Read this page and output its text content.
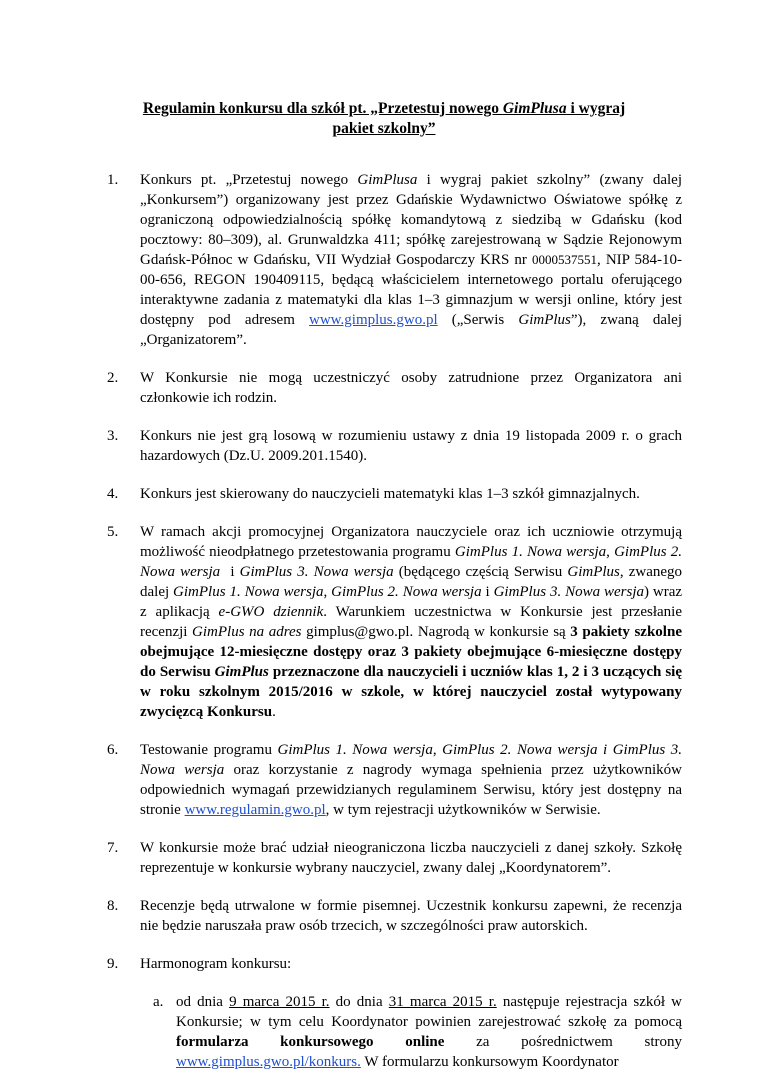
Regulamin konkursu dla szkół pt. „Przetestuj nowego GimPlusa i wygraj
pakiet szkolny”
1. Konkurs pt. „Przetestuj nowego GimPlusa i wygraj pakiet szkolny” (zwany dalej „Konkursem”) organizowany jest przez Gdańskie Wydawnictwo Oświatowe spółkę z ograniczoną odpowiedzialnością spółkę komandytową z siedzibą w Gdańsku (kod pocztowy: 80–309), al. Grunwaldzka 411; spółkę zarejestrowaną w Sądzie Rejonowym Gdańsk-Północ w Gdańsku, VII Wydział Gospodarczy KRS nr 0000537551, NIP 584-10-00-656, REGON 190409115, będącą właścicielem internetowego portalu oferującego interaktywne zadania z matematyki dla klas 1–3 gimnazjum w wersji online, który jest dostępny pod adresem www.gimplus.gwo.pl („Serwis GimPlus”), zwaną dalej „Organizatorem”.
2. W Konkursie nie mogą uczestniczyć osoby zatrudnione przez Organizatora ani członkowie ich rodzin.
3. Konkurs nie jest grą losową w rozumieniu ustawy z dnia 19 listopada 2009 r. o grach hazardowych (Dz.U. 2009.201.1540).
4. Konkurs jest skierowany do nauczycieli matematyki klas 1–3 szkół gimnazjalnych.
5. W ramach akcji promocyjnej Organizatora nauczyciele oraz ich uczniowie otrzymują możliwość nieodpłatnego przetestowania programu GimPlus 1. Nowa wersja, GimPlus 2. Nowa wersja  i GimPlus 3. Nowa wersja (będącego częścią Serwisu GimPlus, zwanego dalej GimPlus 1. Nowa wersja, GimPlus 2. Nowa wersja i GimPlus 3. Nowa wersja) wraz z aplikacją e-GWO dziennik. Warunkiem uczestnictwa w Konkursie jest przesłanie recenzji GimPlus na adres gimplus@gwo.pl. Nagrodą w konkursie są 3 pakiety szkolne obejmujące 12-miesięczne dostępy oraz 3 pakiety obejmujące 6-miesięczne dostępy do Serwisu GimPlus przeznaczone dla nauczycieli i uczniów klas 1, 2 i 3 uczących się w roku szkolnym 2015/2016 w szkole, w której nauczyciel został wytypowany zwycięzcą Konkursu.
6. Testowanie programu GimPlus 1. Nowa wersja, GimPlus 2. Nowa wersja i GimPlus 3. Nowa wersja oraz korzystanie z nagrody wymaga spełnienia przez użytkowników odpowiednich wymagań przewidzianych regulaminem Serwisu, który jest dostępny na stronie www.regulamin.gwo.pl, w tym rejestracji użytkowników w Serwisie.
7. W konkursie może brać udział nieograniczona liczba nauczycieli z danej szkoły. Szkołę reprezentuje w konkursie wybrany nauczyciel, zwany dalej „Koordynatorem”.
8. Recenzje będą utrwalone w formie pisemnej. Uczestnik konkursu zapewni, że recenzja nie będzie naruszała praw osób trzecich, w szczególności praw autorskich.
9. Harmonogram konkursu:
a. od dnia 9 marca 2015 r. do dnia 31 marca 2015 r. następuje rejestracja szkół w Konkursie; w tym celu Koordynator powinien zarejestrować szkołę za pomocą formularza konkursowego online za pośrednictwem strony www.gimplus.gwo.pl/konkurs. W formularzu konkursowym Koordynator
